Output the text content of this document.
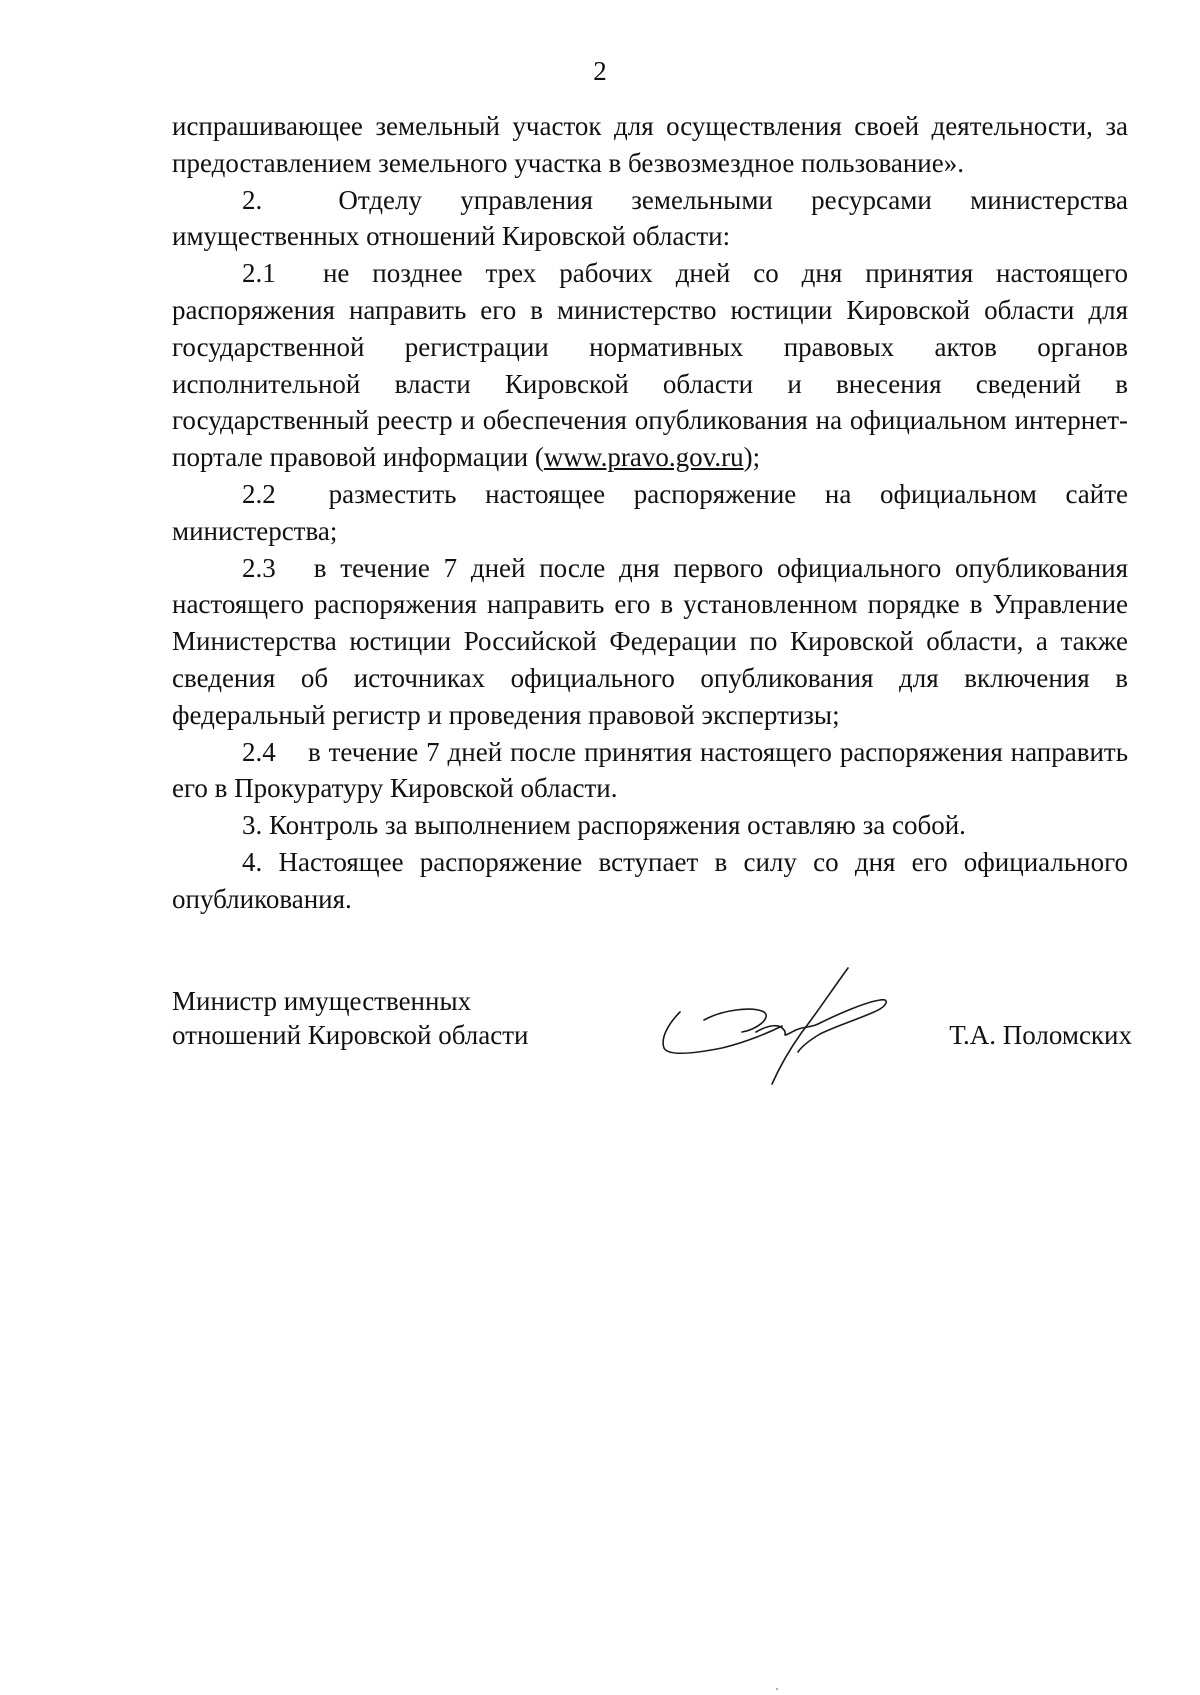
2

испрашивающее земельный участок для осуществления своей деятельности, за предоставлением земельного участка в безвозмездное пользование».

2.	Отделу управления земельными ресурсами министерства имущественных отношений Кировской области:

2.1 не позднее трех рабочих дней со дня принятия настоящего распоряжения направить его в министерство юстиции Кировской области для государственной регистрации нормативных правовых актов органов исполнительной власти Кировской области и внесения сведений в государственный реестр и обеспечения опубликования на официальном интернет-портале правовой информации (www.pravo.gov.ru);

2.2 разместить настоящее распоряжение на официальном сайте министерства;

2.3 в течение 7 дней после дня первого официального опубликования настоящего распоряжения направить его в установленном порядке в Управление Министерства юстиции Российской Федерации по Кировской области, а также сведения об источниках официального опубликования для включения в федеральный регистр и проведения правовой экспертизы;

2.4 в течение 7 дней после принятия настоящего распоряжения направить его в Прокуратуру Кировской области.

3. Контроль за выполнением распоряжения оставляю за собой.

4. Настоящее распоряжение вступает в силу со дня его официального опубликования.

Министр имущественных
отношений Кировской области	Т.А. Поломских
